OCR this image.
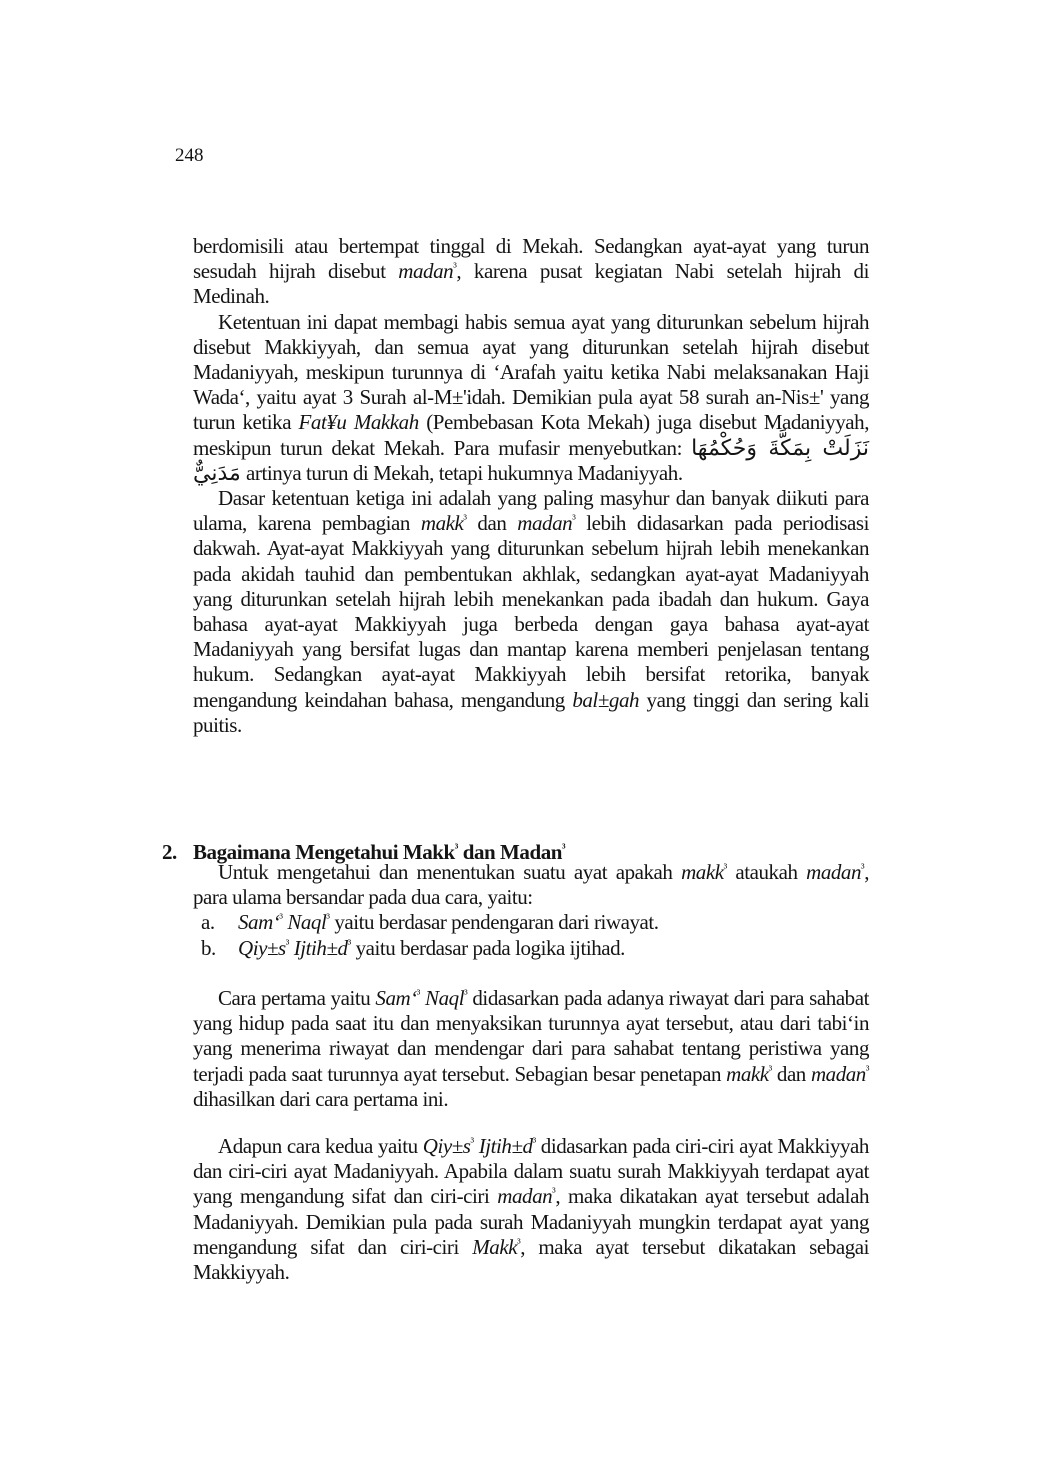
248

berdomisili atau bertempat tinggal di Mekah. Sedangkan ayat-ayat yang turun sesudah hijrah disebut madan$^{^3}$, karena pusat kegiatan Nabi setelah hijrah di Medinah.

Ketentuan ini dapat membagi habis semua ayat yang diturunkan sebelum hijrah disebut Makkiyyah, dan semua ayat yang diturunkan setelah hijrah disebut Madaniyyah, meskipun turunnya di ‘Arafah yaitu ketika Nabi melaksanakan Haji Wada‘, yaitu ayat 3 Surah al-M±'idah. Demikian pula ayat 58 surah an-Nis±' yang turun ketika Fat¥u Makkah (Pembebasan Kota Mekah) juga disebut Madaniyyah, meskipun turun dekat Mekah. Para mufasir menyebutkan: نَزَلَتْ بِمَكَّةَ وَحُكْمُهَا مَدَنِيٌّ artinya turun di Mekah, tetapi hukumnya Madaniyyah.

Dasar ketentuan ketiga ini adalah yang paling masyhur dan banyak diikuti para ulama, karena pembagian makk$^{^3}$ dan madan$^{^3}$ lebih didasarkan pada periodisasi dakwah. Ayat-ayat Makkiyyah yang diturunkan sebelum hijrah lebih menekankan pada akidah tauhid dan pembentukan akhlak, sedangkan ayat-ayat Madaniyyah yang diturunkan setelah hijrah lebih menekankan pada ibadah dan hukum. Gaya bahasa ayat-ayat Makkiyyah juga berbeda dengan gaya bahasa ayat-ayat Madaniyyah yang bersifat lugas dan mantap karena memberi penjelasan tentang hukum. Sedangkan ayat-ayat Makkiyyah lebih bersifat retorika, banyak mengandung keindahan bahasa, mengandung bal±gah yang tinggi dan sering kali puitis.

2. Bagaimana Mengetahui Makk$^{^3}$ dan Madan$^{^3}$

Untuk mengetahui dan menentukan suatu ayat apakah makk$^{^3}$ ataukah madan$^{^3}$, para ulama bersandar pada dua cara, yaitu:

a. Sam‘$^{^3}$ Naql$^{^3}$ yaitu berdasar pendengaran dari riwayat.
b. $Qiy\pm s^{^3}$ $Ijtih\pm d^{^3}$ yaitu berdasar pada logika ijtihad.

Cara pertama yaitu Sam‘$^{^3}$ Naql$^{^3}$ didasarkan pada adanya riwayat dari para sahabat yang hidup pada saat itu dan menyaksikan turunnya ayat tersebut, atau dari tabi‘in yang menerima riwayat dan mendengar dari para sahabat tentang peristiwa yang terjadi pada saat turunnya ayat tersebut. Sebagian besar penetapan makk$^{^3}$ dan madan$^{^3}$ dihasilkan dari cara pertama ini.

Adapun cara kedua yaitu $Qiy\pm s^{^3}$ $Ijtih\pm d^{^3}$ didasarkan pada ciri-ciri ayat Makkiyyah dan ciri-ciri ayat Madaniyyah. Apabila dalam suatu surah Makkiyyah terdapat ayat yang mengandung sifat dan ciri-ciri madan$^{^3}$, maka dikatakan ayat tersebut adalah Madaniyyah. Demikian pula pada surah Madaniyyah mungkin terdapat ayat yang mengandung sifat dan ciri-ciri Makk$^{^3}$, maka ayat tersebut dikatakan sebagai Makkiyyah.
